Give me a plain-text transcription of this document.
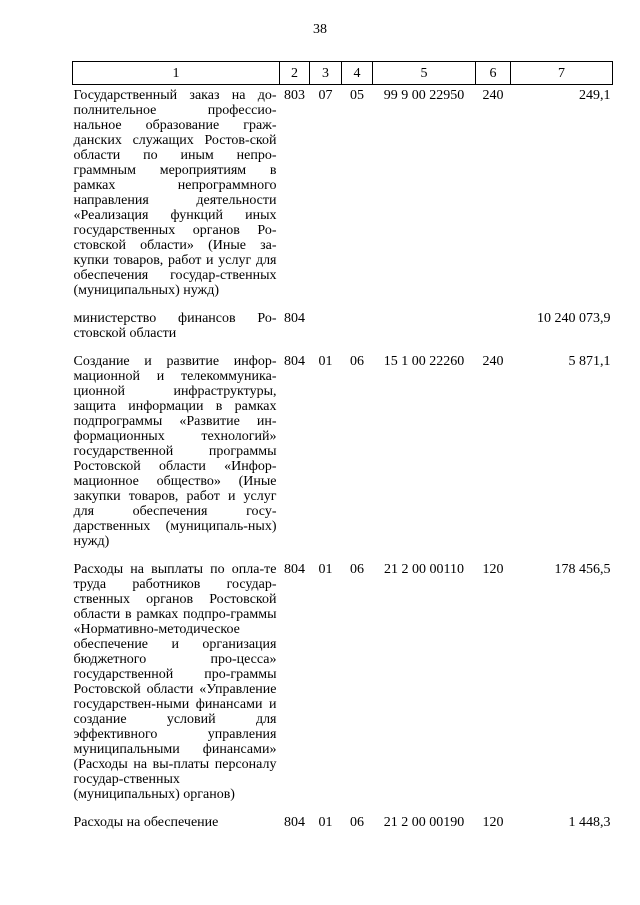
38
1	2	3	4	5	6	7
Государственный заказ на до-полнительное профессио-нальное образование граж-данских служащих Ростов-ской области по иным непро-граммным мероприятиям в рамках непрограммного направления деятельности «Реализация функций иных государственных органов Ро-стовской области» (Иные за-купки товаров, работ и услуг для обеспечения государ-ственных (муниципальных) нужд)	803	07	05	99 9 00 22950	240	249,1
министерство финансов Ро-стовской области	804					10 240 073,9
Создание и развитие инфор-мационной и телекоммуника-ционной инфраструктуры, защита информации в рамках подпрограммы «Развитие ин-формационных технологий» государственной программы Ростовской области «Инфор-мационное общество» (Иные закупки товаров, работ и услуг для обеспечения госу-дарственных (муниципаль-ных) нужд)	804	01	06	15 1 00 22260	240	5 871,1
Расходы на выплаты по опла-те труда работников государ-ственных органов Ростовской области в рамках подпро-граммы «Нормативно-методическое обеспечение и организация бюджетного про-цесса» государственной про-граммы Ростовской области «Управление государствен-ными финансами и создание условий для эффективного управления муниципальными финансами» (Расходы на вы-платы персоналу государ-ственных (муниципальных) органов)	804	01	06	21 2 00 00110	120	178 456,5
Расходы на обеспечение	804	01	06	21 2 00 00190	120	1 448,3
